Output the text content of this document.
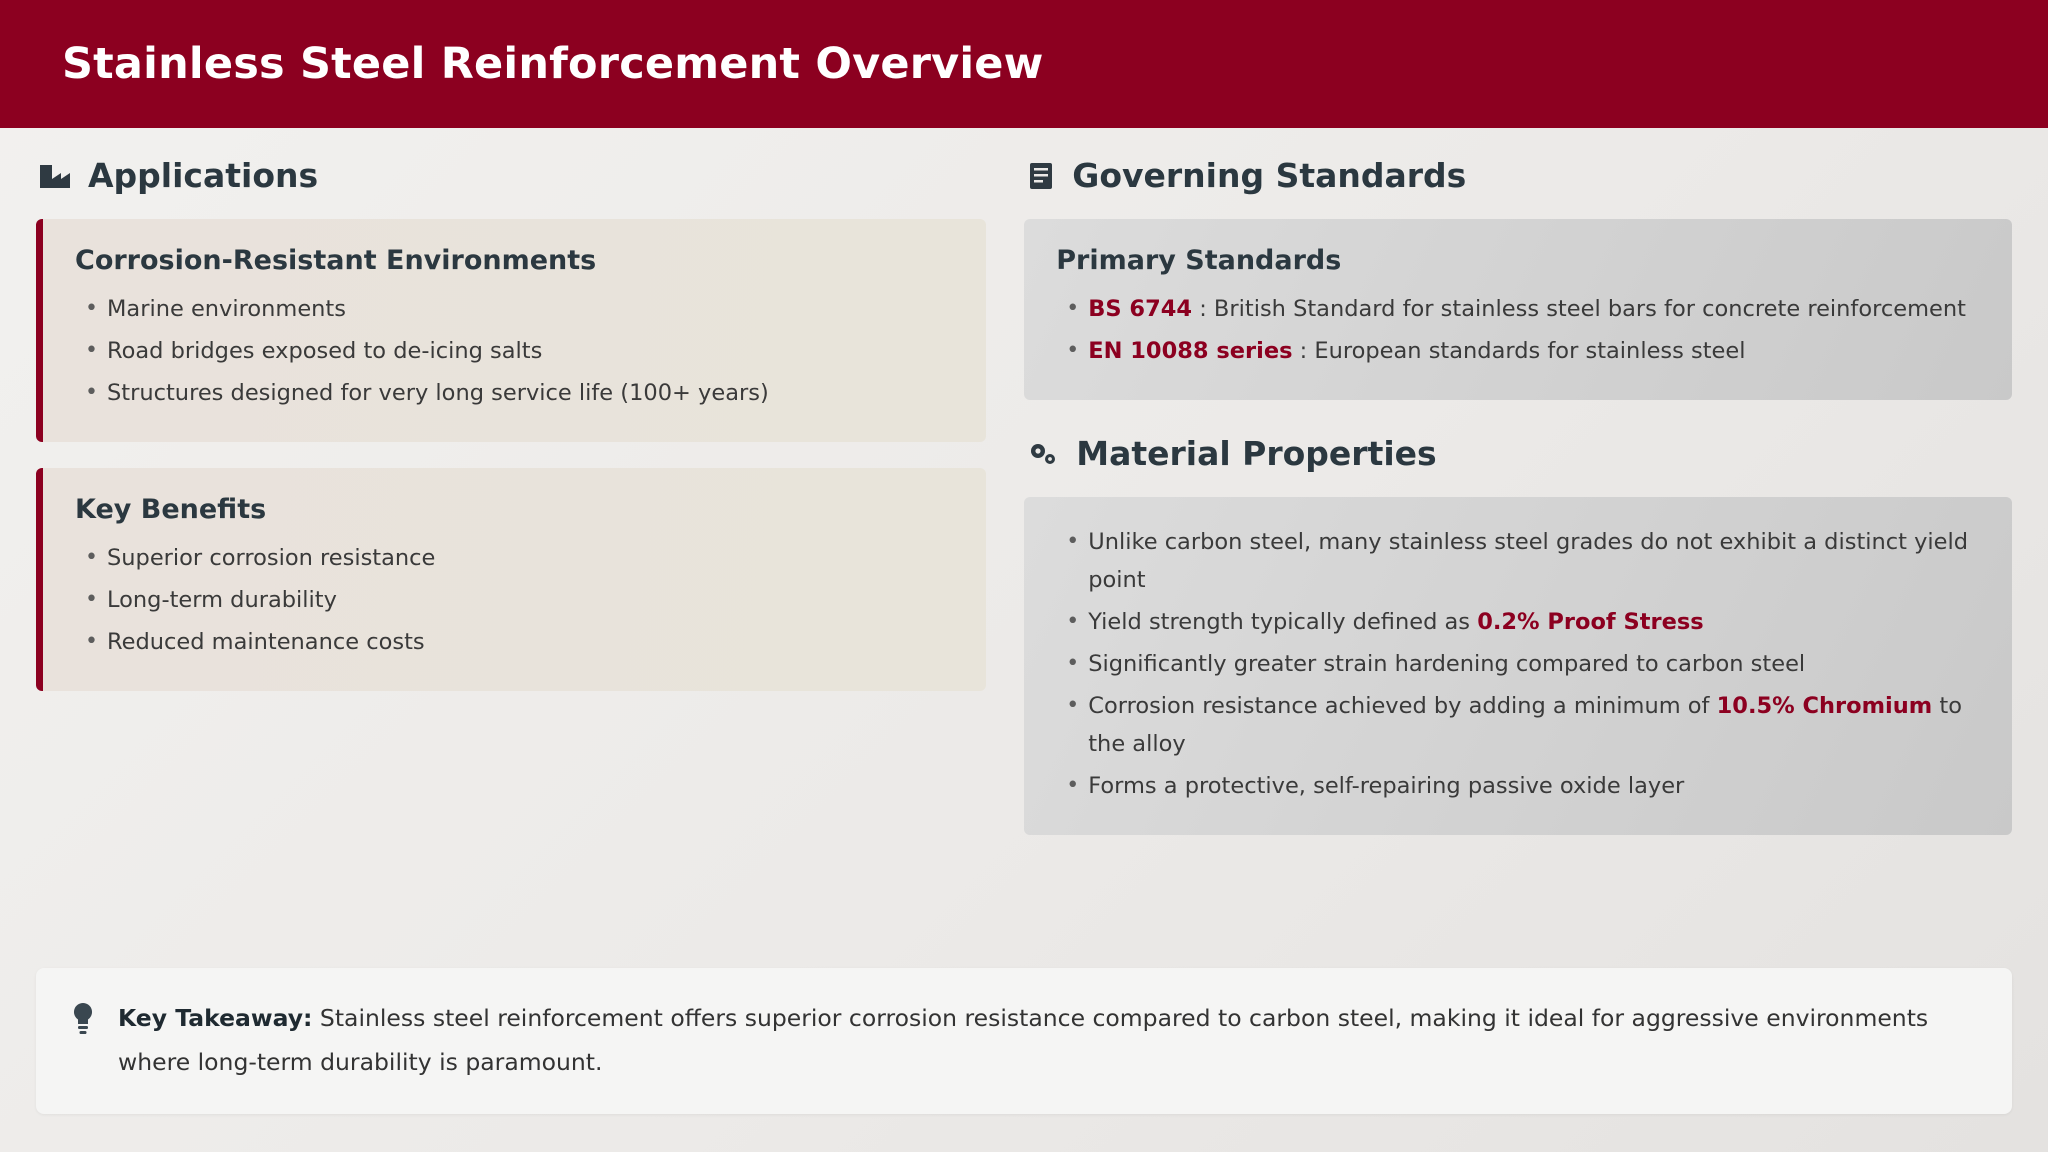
Stainless Steel Reinforcement Overview
Applications
Corrosion-Resistant Environments
• Marine environments
• Road bridges exposed to de-icing salts
• Structures designed for very long service life (100+ years)
Key Benefits
• Superior corrosion resistance
• Long-term durability
• Reduced maintenance costs
Governing Standards
Primary Standards
• BS 6744 : British Standard for stainless steel bars for concrete reinforcement
• EN 10088 series : European standards for stainless steel
Material Properties
• Unlike carbon steel, many stainless steel grades do not exhibit a distinct yield point
• Yield strength typically defined as 0.2% Proof Stress
• Significantly greater strain hardening compared to carbon steel
• Corrosion resistance achieved by adding a minimum of 10.5% Chromium to the alloy
• Forms a protective, self-repairing passive oxide layer
Key Takeaway: Stainless steel reinforcement offers superior corrosion resistance compared to carbon steel, making it ideal for aggressive environments where long-term durability is paramount.
